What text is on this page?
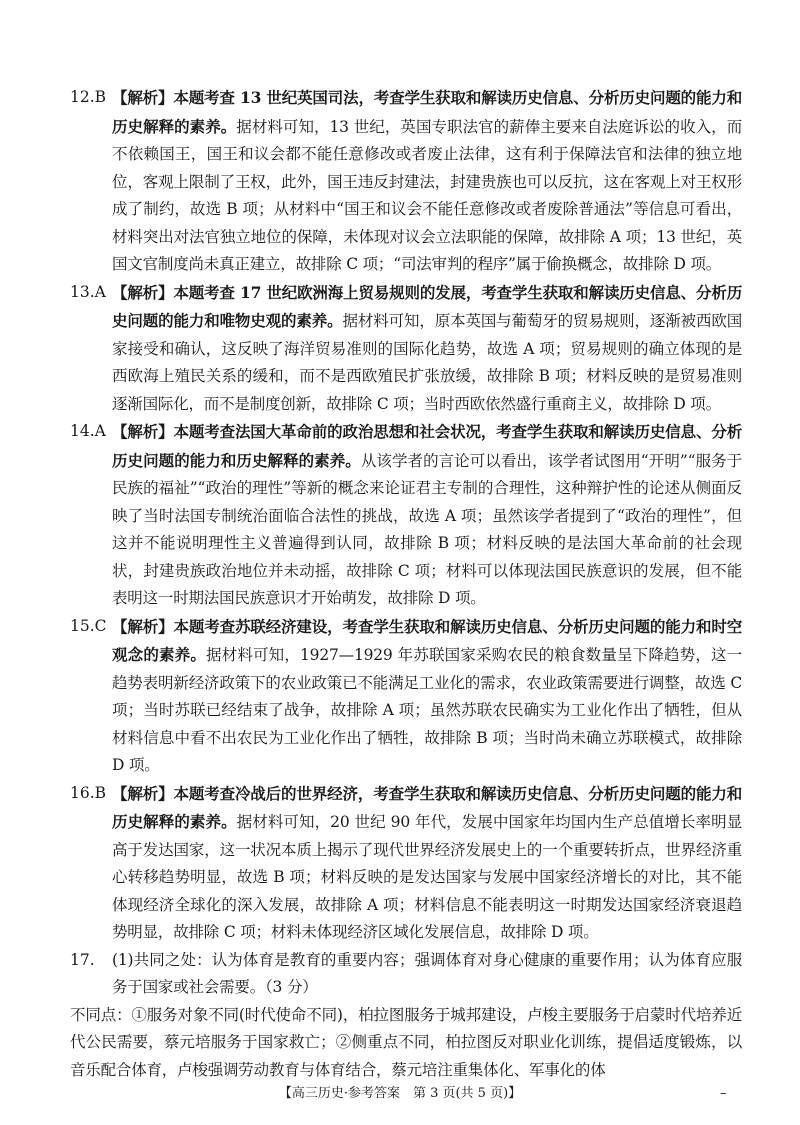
12.B 【解析】本题考查 13 世纪英国司法，考查学生获取和解读历史信息、分析历史问题的能力和历史解释的素养。据材料可知，13 世纪，英国专职法官的薪俸主要来自法庭诉讼的收入，而不依赖国王，国王和议会都不能任意修改或者废止法律，这有利于保障法官和法律的独立地位，客观上限制了王权，此外，国王违反封建法，封建贵族也可以反抗，这在客观上对王权形成了制约，故选 B 项；从材料中“国王和议会不能任意修改或者废除普通法”等信息可看出，材料突出对法官独立地位的保障，未体现对议会立法职能的保障，故排除 A 项；13 世纪，英国文官制度尚未真正建立，故排除 C 项；“司法审判的程序”属于偷换概念，故排除 D 项。
13.A 【解析】本题考查 17 世纪欧洲海上贸易规则的发展，考查学生获取和解读历史信息、分析历史问题的能力和唯物史观的素养。据材料可知，原本英国与葡萄牙的贸易规则，逐渐被西欧国家接受和确认，这反映了海洋贸易准则的国际化趋势，故选 A 项；贸易规则的确立体现的是西欧海上殖民关系的缓和，而不是西欧殖民扩张放缓，故排除 B 项；材料反映的是贸易准则逐渐国际化，而不是制度创新，故排除 C 项；当时西欧依然盛行重商主义，故排除 D 项。
14.A 【解析】本题考查法国大革命前的政治思想和社会状况，考查学生获取和解读历史信息、分析历史问题的能力和历史解释的素养。从该学者的言论可以看出，该学者试图用“开明”“服务于民族的福祉”“政治的理性”等新的概念来论证君主专制的合理性，这种辩护性的论述从侧面反映了当时法国专制统治面临合法性的挑战，故选 A 项；虽然该学者提到了“政治的理性”，但这并不能说明理性主义普遍得到认同，故排除 B 项；材料反映的是法国大革命前的社会现状，封建贵族政治地位并未动摇，故排除 C 项；材料可以体现法国民族意识的发展，但不能表明这一时期法国民族意识才开始萌发，故排除 D 项。
15.C 【解析】本题考查苏联经济建设，考查学生获取和解读历史信息、分析历史问题的能力和时空观念的素养。据材料可知，1927—1929 年苏联国家采购农民的粮食数量呈下降趋势，这一趋势表明新经济政策下的农业政策已不能满足工业化的需求，农业政策需要进行调整，故选 C 项；当时苏联已经结束了战争，故排除 A 项；虽然苏联农民确实为工业化作出了牺牲，但从材料信息中看不出农民为工业化作出了牺牲，故排除 B 项；当时尚未确立苏联模式，故排除 D 项。
16.B 【解析】本题考查冷战后的世界经济，考查学生获取和解读历史信息、分析历史问题的能力和历史解释的素养。据材料可知，20 世纪 90 年代，发展中国家年均国内生产总值增长率明显高于发达国家，这一状况本质上揭示了现代世界经济发展史上的一个重要转折点，世界经济重心转移趋势明显，故选 B 项；材料反映的是发达国家与发展中国家经济增长的对比，其不能体现经济全球化的深入发展，故排除 A 项；材料信息不能表明这一时期发达国家经济衰退趋势明显，故排除 C 项；材料未体现经济区域化发展信息，故排除 D 项。
17.	(1)共同之处：认为体育是教育的重要内容；强调体育对身心健康的重要作用；认为体育应服务于国家或社会需要。（3 分）
不同点：①服务对象不同(时代使命不同)，柏拉图服务于城邦建设，卢梭主要服务于启蒙时代培养近代公民需要，蔡元培服务于国家救亡；②侧重点不同，柏拉图反对职业化训练，提倡适度锻炼，以音乐配合体育，卢梭强调劳动教育与体育结合，蔡元培注重集体化、军事化的体
【高三历史·参考答案　第 3 页(共 5 页)】	–
